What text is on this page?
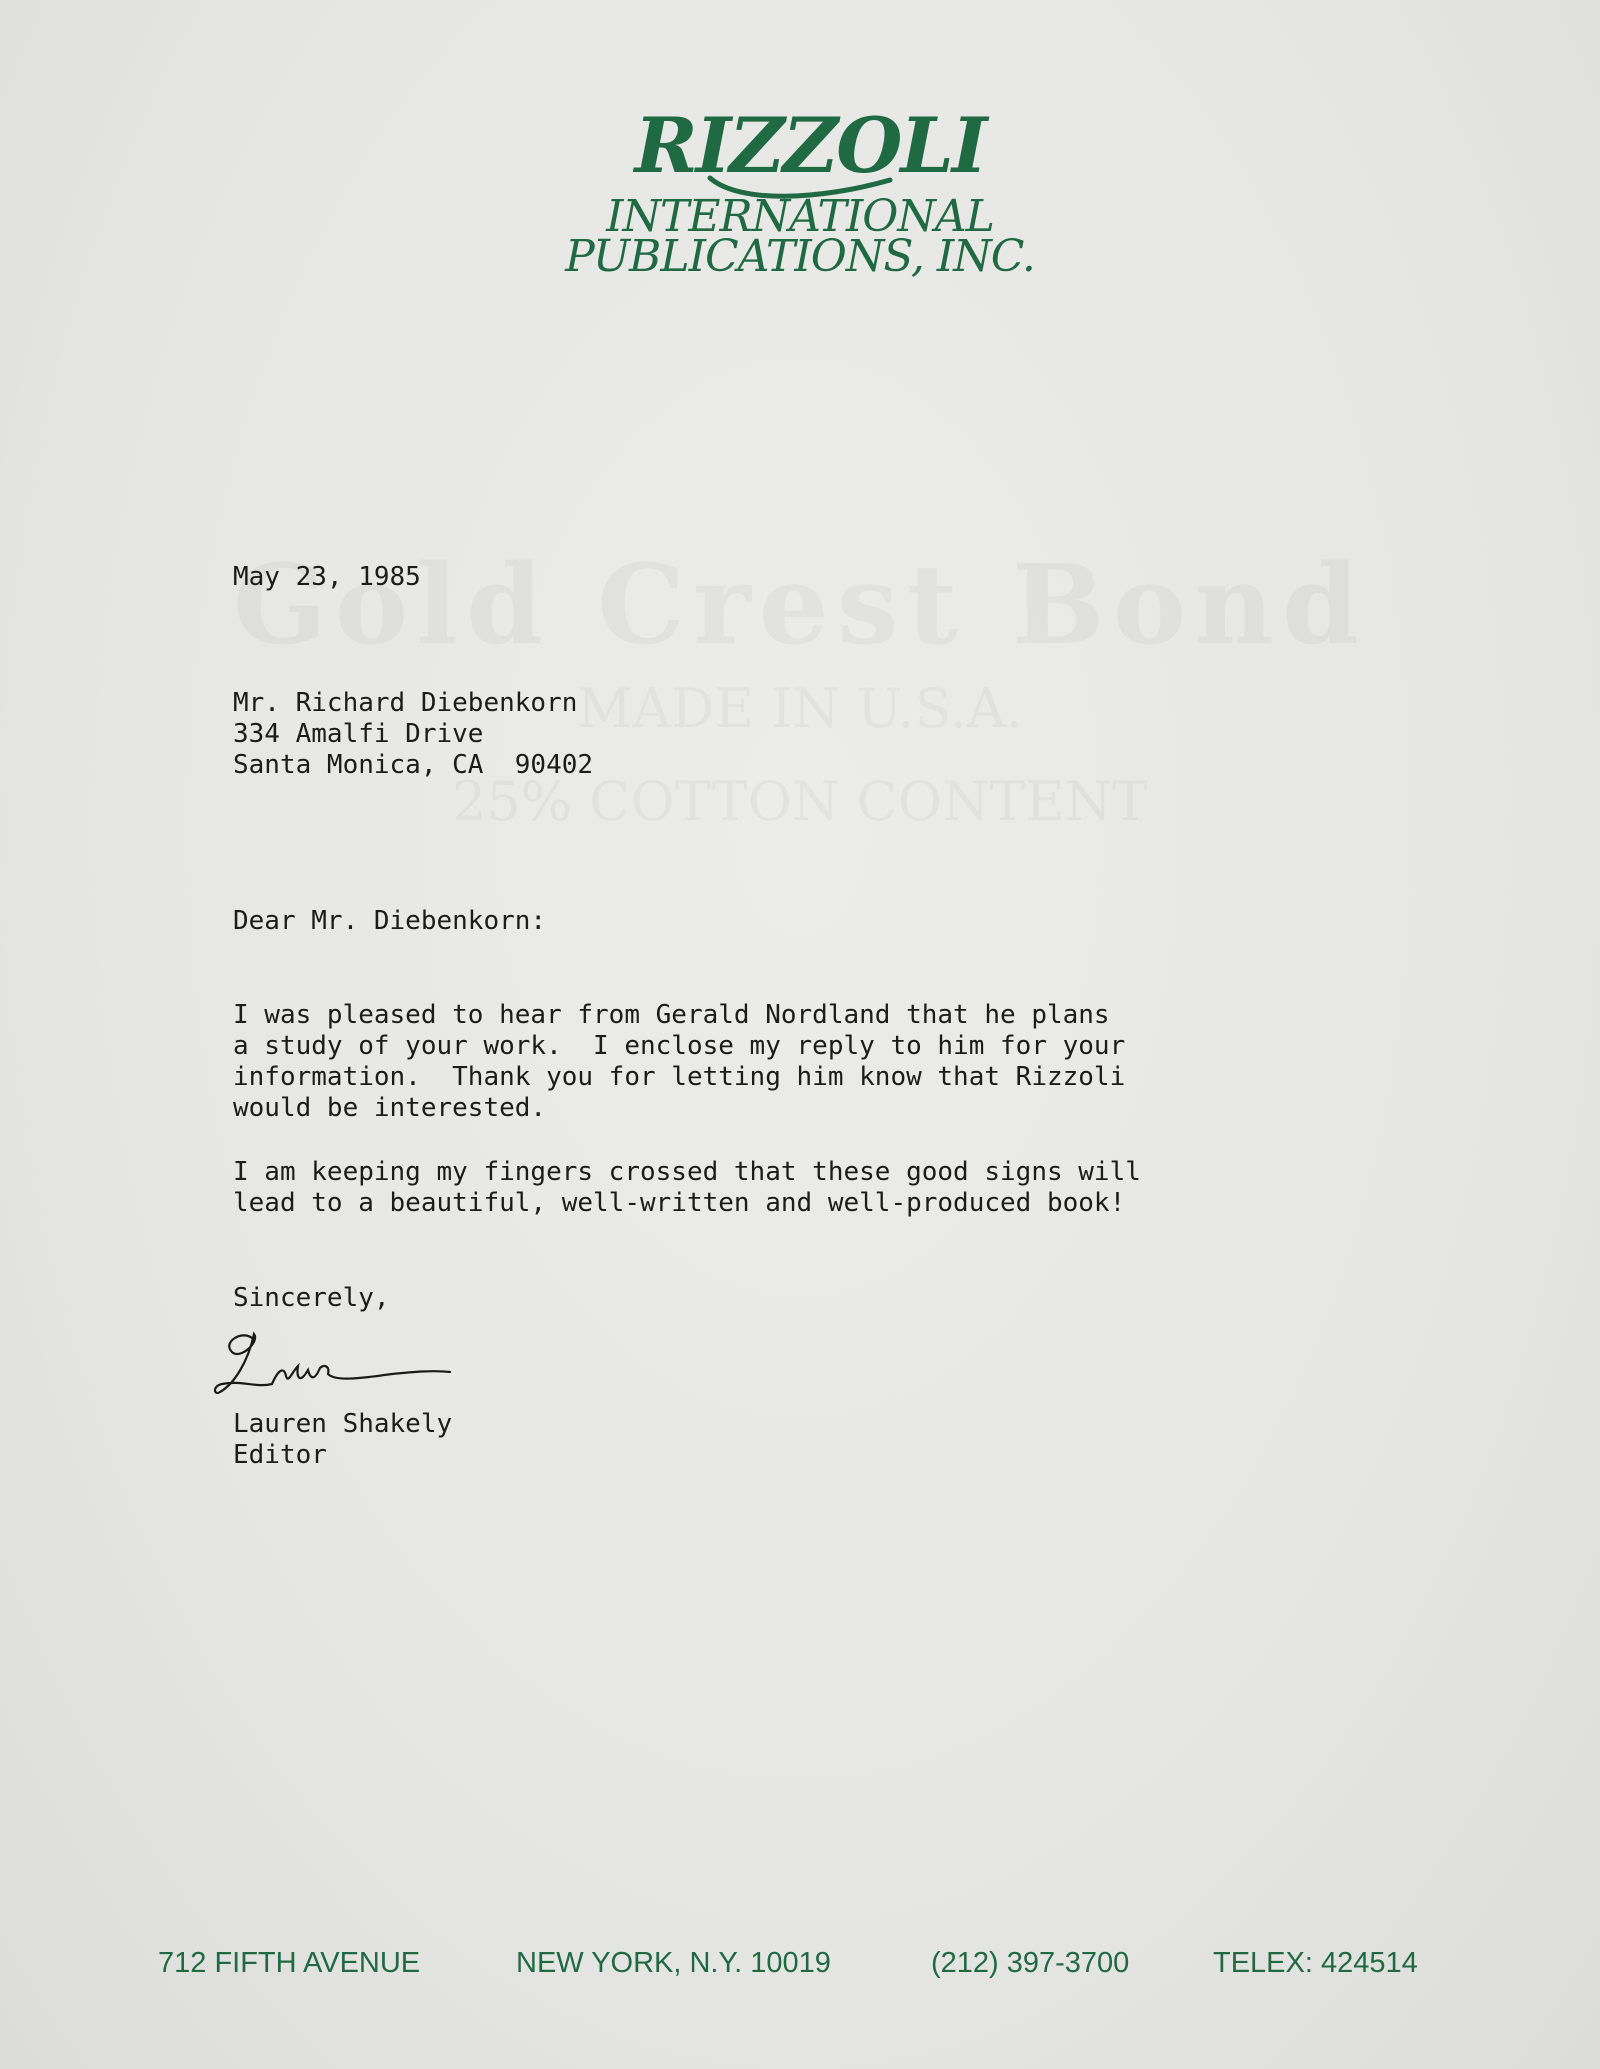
RIZZOLI
INTERNATIONAL
PUBLICATIONS, INC.
May 23, 1985
Mr. Richard Diebenkorn
334 Amalfi Drive
Santa Monica, CA  90402
Dear Mr. Diebenkorn:
I was pleased to hear from Gerald Nordland that he plans
a study of your work.  I enclose my reply to him for your
information.  Thank you for letting him know that Rizzoli
would be interested.
I am keeping my fingers crossed that these good signs will
lead to a beautiful, well-written and well-produced book!
Sincerely,
Lauren Shakely
Editor
712 FIFTH AVENUE	NEW YORK, N.Y. 10019	(212) 397-3700	TELEX: 424514
